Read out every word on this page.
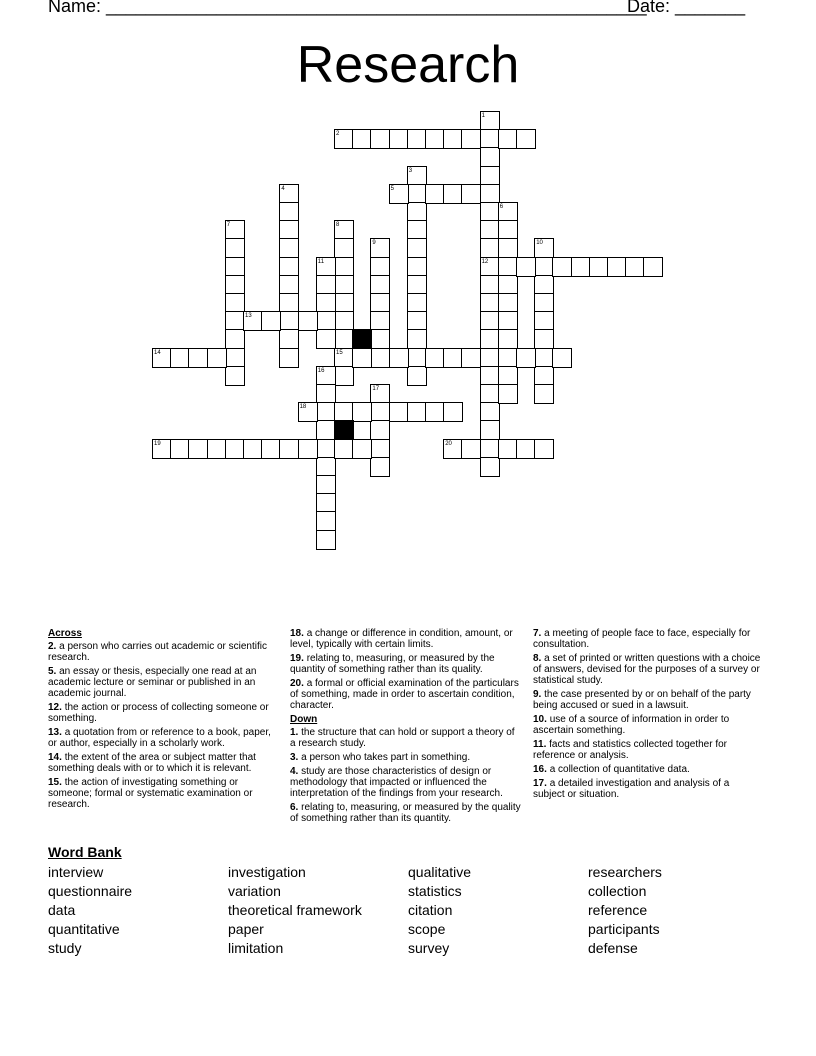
Name: ______________________________________________________
Date: _______
Research
1
12
2
3
4	5
6
7	8
15
9	10
11
13
14
16
17
18
19	20
Across
2. a person who carries out academic or scientific research.
5. an essay or thesis, especially one read at an academic lecture or seminar or published in an academic journal.
12. the action or process of collecting someone or something.
13. a quotation from or reference to a book, paper, or author, especially in a scholarly work.
14. the extent of the area or subject matter that something deals with or to which it is relevant.
15. the action of investigating something or someone; formal or systematic examination or research.
18. a change or difference in condition, amount, or level, typically with certain limits.
19. relating to, measuring, or measured by the quantity of something rather than its quality.
20. a formal or official examination of the particulars of something, made in order to ascertain condition, character.
Down
1. the structure that can hold or support a theory of a research study.
3. a person who takes part in something.
4. study are those characteristics of design or methodology that impacted or influenced the interpretation of the findings from your research.
6. relating to, measuring, or measured by the quality of something rather than its quantity.
7. a meeting of people face to face, especially for consultation.
8. a set of printed or written questions with a choice of answers, devised for the purposes of a survey or statistical study.
9. the case presented by or on behalf of the party being accused or sued in a lawsuit.
10. use of a source of information in order to ascertain something.
11. facts and statistics collected together for reference or analysis.
16. a collection of quantitative data.
17. a detailed investigation and analysis of a subject or situation.
Word Bank
interview
questionnaire
data
quantitative
study
investigation
variation
theoretical framework
paper
limitation
qualitative
statistics
citation
scope
survey
researchers
collection
reference
participants
defense
